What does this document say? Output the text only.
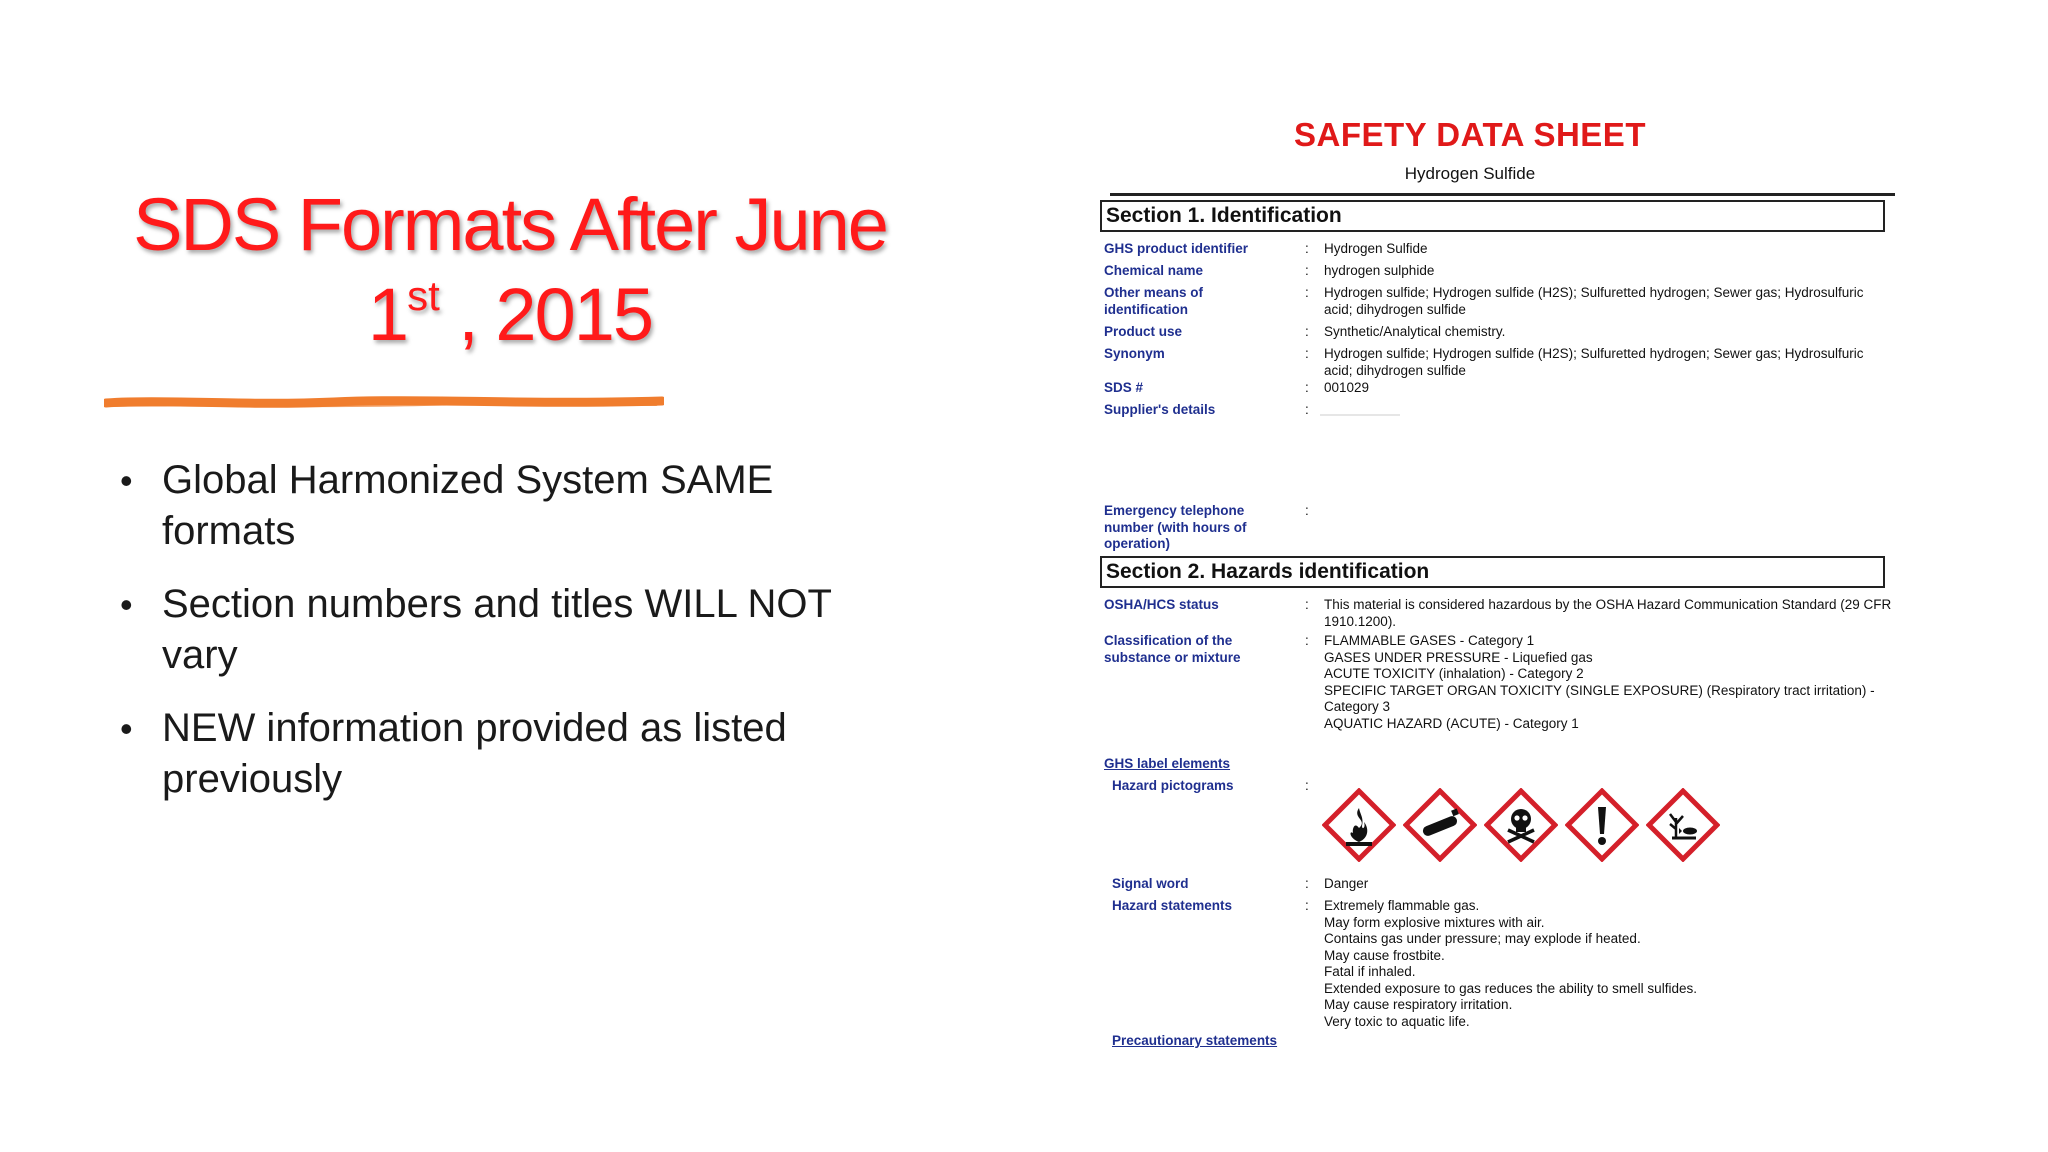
SDS Formats After June
1st , 2015
• Global Harmonized System SAME formats
• Section numbers and titles WILL NOT vary
• NEW information provided as listed previously
SAFETY DATA SHEET
Hydrogen Sulfide
Section 1. Identification
GHS product identifier	: Hydrogen Sulfide
Chemical name	: hydrogen sulphide
Other means of identification
: Hydrogen sulfide; Hydrogen sulfide (H2S); Sulfuretted hydrogen; Sewer gas; Hydrosulfuric acid; dihydrogen sulfide
Product use	: Synthetic/Analytical chemistry.
Synonym	: Hydrogen sulfide; Hydrogen sulfide (H2S); Sulfuretted hydrogen; Sewer gas; Hydrosulfuric acid; dihydrogen sulfide
SDS #	: 001029
Supplier's details	:
Emergency telephone number (with hours of operation)
:
Section 2. Hazards identification
OSHA/HCS status	: This material is considered hazardous by the OSHA Hazard Communication Standard (29 CFR 1910.1200).
Classification of the substance or mixture
: FLAMMABLE GASES - Category 1
GASES UNDER PRESSURE - Liquefied gas
ACUTE TOXICITY (inhalation) - Category 2
SPECIFIC TARGET ORGAN TOXICITY (SINGLE EXPOSURE) (Respiratory tract irritation) - Category 3
AQUATIC HAZARD (ACUTE) - Category 1
GHS label elements
Hazard pictograms	:
Signal word	: Danger
Hazard statements	: Extremely flammable gas.
May form explosive mixtures with air.
Contains gas under pressure; may explode if heated.
May cause frostbite.
Fatal if inhaled.
Extended exposure to gas reduces the ability to smell sulfides.
May cause respiratory irritation.
Very toxic to aquatic life.
Precautionary statements
